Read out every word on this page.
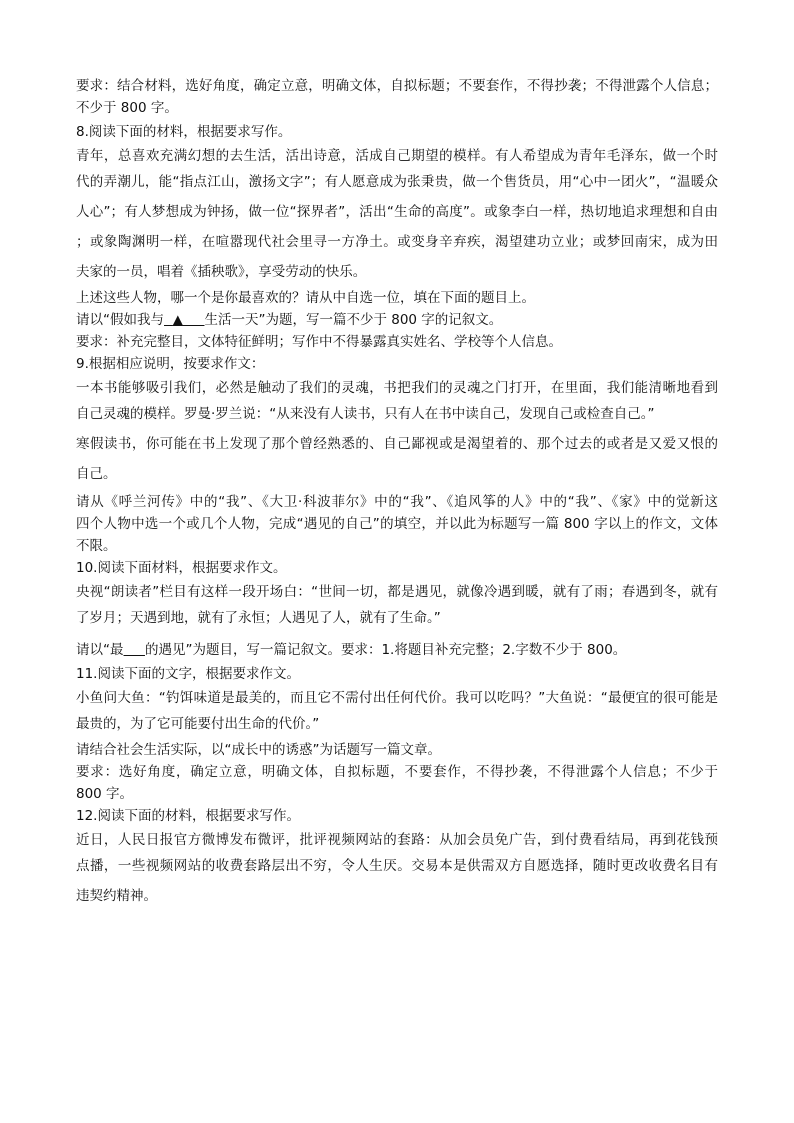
要求：结合材料，选好角度，确定立意，明确文体，自拟标题；不要套作，不得抄袭；不得泄露个人信息；

不少于 800 字。

8.阅读下面的材料，根据要求写作。

青年，总喜欢充满幻想的去生活，活出诗意，活成自己期望的模样。有人希望成为青年毛泽东，做一个时

代的弄潮儿，能“指点江山，激扬文字”；有人愿意成为张秉贵，做一个售货员，用“心中一团火”，“温暖众

人心”；有人梦想成为钟扬，做一位“探界者”，活出“生命的高度”。或象李白一样，热切地追求理想和自由

；或象陶渊明一样，在喧嚣现代社会里寻一方净土。或变身辛弃疾，渴望建功立业；或梦回南宋，成为田

夫家的一员，唱着《插秧歌》，享受劳动的快乐。

上述这些人物，哪一个是你最喜欢的？请从中自选一位，填在下面的题目上。

请以“假如我与 ▲ 生活一天”为题，写一篇不少于 800 字的记叙文。

要求：补充完整目，文体特征鲜明；写作中不得暴露真实姓名、学校等个人信息。

9.根据相应说明，按要求作文：

一本书能够吸引我们，必然是触动了我们的灵魂，书把我们的灵魂之门打开，在里面，我们能清晰地看到

自己灵魂的模样。罗曼·罗兰说：“从来没有人读书，只有人在书中读自己，发现自己或检查自己。”

寒假读书，你可能在书上发现了那个曾经熟悉的、自己鄙视或是渴望着的、那个过去的或者是又爱又恨的

自己。

请从《呼兰河传》中的“我”、《大卫·科波菲尔》中的“我”、《追风筝的人》中的“我”、《家》中的觉新这

四个人物中选一个或几个人物，完成“遇见的自己”的填空，并以此为标题写一篇 800 字以上的作文，文体

不限。

10.阅读下面材料，根据要求作文。

央视“朗读者”栏目有这样一段开场白：“世间一切，都是遇见，就像冷遇到暖，就有了雨；春遇到冬，就有

了岁月；天遇到地，就有了永恒；人遇见了人，就有了生命。”

请以“最 的遇见”为题目，写一篇记叙文。要求：1.将题目补充完整；2.字数不少于 800。

11.阅读下面的文字，根据要求作文。

小鱼问大鱼：“钓饵味道是最美的，而且它不需付出任何代价。我可以吃吗？”大鱼说：“最便宜的很可能是

最贵的，为了它可能要付出生命的代价。”

请结合社会生活实际，以“成长中的诱惑”为话题写一篇文章。

要求：选好角度，确定立意，明确文体，自拟标题，不要套作，不得抄袭，不得泄露个人信息；不少于

800 字。

12.阅读下面的材料，根据要求写作。

近日，人民日报官方微博发布微评，批评视频网站的套路：从加会员免广告，到付费看结局，再到花钱预

点播，一些视频网站的收费套路层出不穷，令人生厌。交易本是供需双方自愿选择，随时更改收费名目有

违契约精神。
